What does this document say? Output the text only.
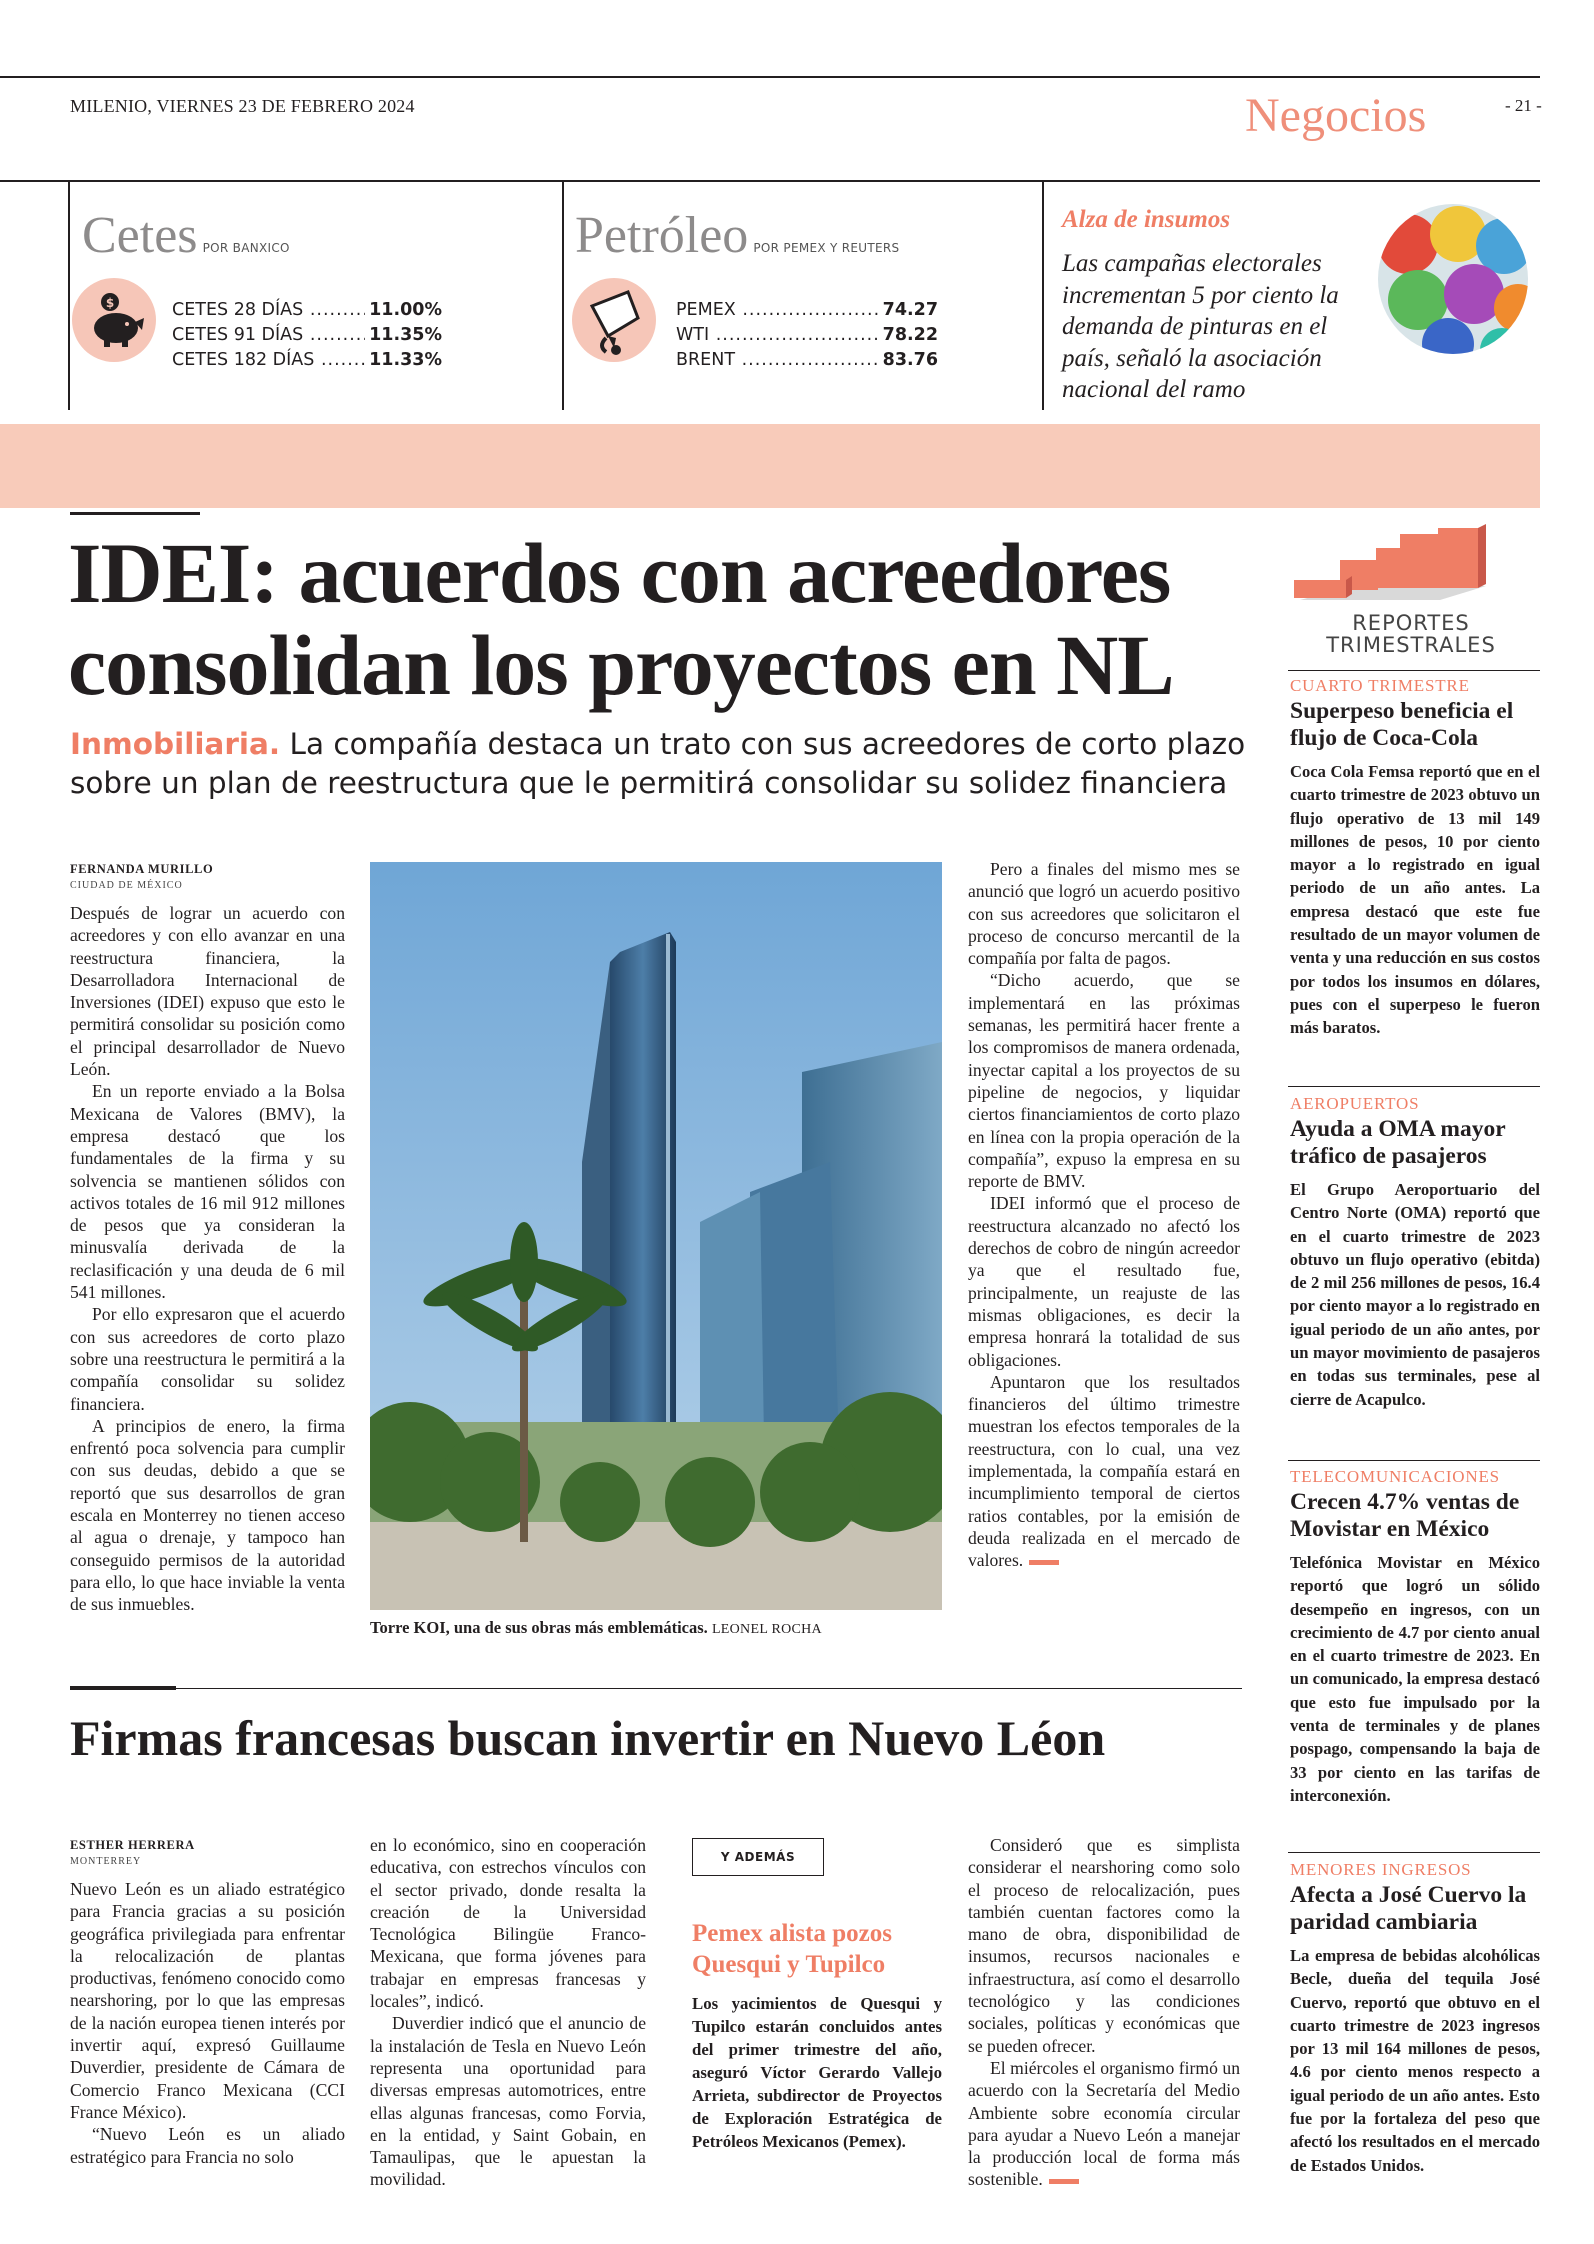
MILENIO, VIERNES 23 DE FEBRERO 2024	Negocios	- 21 -
Cetes POR BANXICO
$	CETES 28 DÍAS .....	11.00%
CETES 91 DÍAS .....	11.35%
CETES 182 DÍAS .....	11.33%
Petróleo POR PEMEX Y REUTERS
PEMEX .....	74.27
WTI .....	78.22
BRENT .....	83.76
Alza de insumos
Las campañas electorales incrementan 5 por ciento la demanda de pinturas en el país, señaló la asociación nacional del ramo
IDEI: acuerdos con acreedores consolidan los proyectos en NL
Inmobiliaria. La compañía destaca un trato con sus acreedores de corto plazo sobre un plan de reestructura que le permitirá consolidar su solidez financiera
FERNANDA MURILLO
CIUDAD DE MÉXICO

Después de lograr un acuerdo con acreedores y con ello avanzar en una reestructura financiera, la Desarrolladora Internacional de Inversiones (IDEI) expuso que esto le permitirá consolidar su posición como el principal desarrollador de Nuevo León.

En un reporte enviado a la Bolsa Mexicana de Valores (BMV), la empresa destacó que los fundamentales de la firma y su solvencia se mantienen sólidos con activos totales de 16 mil 912 millones de pesos que ya consideran la minusvalía derivada de la reclasificación y una deuda de 6 mil 541 millones.

Por ello expresaron que el acuerdo con sus acreedores de corto plazo sobre una reestructura le permitirá a la compañía consolidar su solidez financiera.

A principios de enero, la firma enfrentó poca solvencia para cumplir con sus deudas, debido a que se reportó que sus desarrollos de gran escala en Monterrey no tienen acceso al agua o drenaje, y tampoco han conseguido permisos de la autoridad para ello, lo que hace inviable la venta de sus inmuebles.

Torre KOI, una de sus obras más emblemáticas. LEONEL ROCHA

Pero a finales del mismo mes se anunció que logró un acuerdo positivo con sus acreedores que solicitaron el proceso de concurso mercantil de la compañía por falta de pagos.

“Dicho acuerdo, que se implementará en las próximas semanas, les permitirá hacer frente a los compromisos de manera ordenada, inyectar capital a los proyectos de su pipeline de negocios, y liquidar ciertos financiamientos de corto plazo en línea con la propia operación de la compañía”, expuso la empresa en su reporte de BMV.

IDEI informó que el proceso de reestructura alcanzado no afectó los derechos de cobro de ningún acreedor ya que el resultado fue, principalmente, un reajuste de las mismas obligaciones, es decir la empresa honrará la totalidad de sus obligaciones.

Apuntaron que los resultados financieros del último trimestre muestran los efectos temporales de la reestructura, con lo cual, una vez implementada, la compañía estará en incumplimiento temporal de ciertos ratios contables, por la emisión de deuda realizada en el mercado de valores.

Firmas francesas buscan invertir en Nuevo Léon
ESTHER HERRERA
MONTERREY

Nuevo León es un aliado estratégico para Francia gracias a su posición geográfica privilegiada para enfrentar la relocalización de plantas productivas, fenómeno conocido como nearshoring, por lo que las empresas de la nación europea tienen interés por invertir aquí, expresó Guillaume Duverdier, presidente de Cámara de Comercio Franco Mexicana (CCI France México).

“Nuevo León es un aliado estratégico para Francia no solo

en lo económico, sino en cooperación educativa, con estrechos vínculos con el sector privado, donde resalta la creación de la Universidad Tecnológica Bilingüe Franco-Mexicana, que forma jóvenes para trabajar en empresas francesas y locales”, indicó.

Duverdier indicó que el anuncio de la instalación de Tesla en Nuevo León representa una oportunidad para diversas empresas automotrices, entre ellas algunas francesas, como Forvia, en la entidad, y Saint Gobain, en Tamaulipas, que le apuestan la movilidad.

Y ADEMÁS
Pemex alista pozos Quesqui y Tupilco
Los yacimientos de Quesqui y Tupilco estarán concluidos antes del primer trimestre del año, aseguró Víctor Gerardo Vallejo Arrieta, subdirector de Proyectos de Exploración Estratégica de Petróleos Mexicanos (Pemex).

Consideró que es simplista considerar el nearshoring como solo el proceso de relocalización, pues también cuentan factores como la mano de obra, disponibilidad de insumos, recursos nacionales e infraestructura, así como el desarrollo tecnológico y las condiciones sociales, políticas y económicas que se pueden ofrecer.

El miércoles el organismo firmó un acuerdo con la Secretaría del Medio Ambiente sobre economía circular para ayudar a Nuevo León a manejar la producción local de forma más sostenible.

REPORTES
TRIMESTRALES
CUARTO TRIMESTRE
Superpeso beneficia el flujo de Coca-Cola
Coca Cola Femsa reportó que en el cuarto trimestre de 2023 obtuvo un flujo operativo de 13 mil 149 millones de pesos, 10 por ciento mayor a lo registrado en igual periodo de un año antes. La empresa destacó que este fue resultado de un mayor volumen de venta y una reducción en sus costos por todos los insumos en dólares, pues con el superpeso le fueron más baratos.
AEROPUERTOS
Ayuda a OMA mayor tráfico de pasajeros
El Grupo Aeroportuario del Centro Norte (OMA) reportó que en el cuarto trimestre de 2023 obtuvo un flujo operativo (ebitda) de 2 mil 256 millones de pesos, 16.4 por ciento mayor a lo registrado en igual periodo de un año antes, por un mayor movimiento de pasajeros en todas sus terminales, pese al cierre de Acapulco.
TELECOMUNICACIONES
Crecen 4.7% ventas de Movistar en México
Telefónica Movistar en México reportó que logró un sólido desempeño en ingresos, con un crecimiento de 4.7 por ciento anual en el cuarto trimestre de 2023. En un comunicado, la empresa destacó que esto fue impulsado por la venta de terminales y de planes pospago, compensando la baja de 33 por ciento en las tarifas de interconexión.
MENORES INGRESOS
Afecta a José Cuervo la paridad cambiaria
La empresa de bebidas alcohólicas Becle, dueña del tequila José Cuervo, reportó que obtuvo en el cuarto trimestre de 2023 ingresos por 13 mil 164 millones de pesos, 4.6 por ciento menos respecto a igual periodo de un año antes. Esto fue por la fortaleza del peso que afectó los resultados en el mercado de Estados Unidos.
